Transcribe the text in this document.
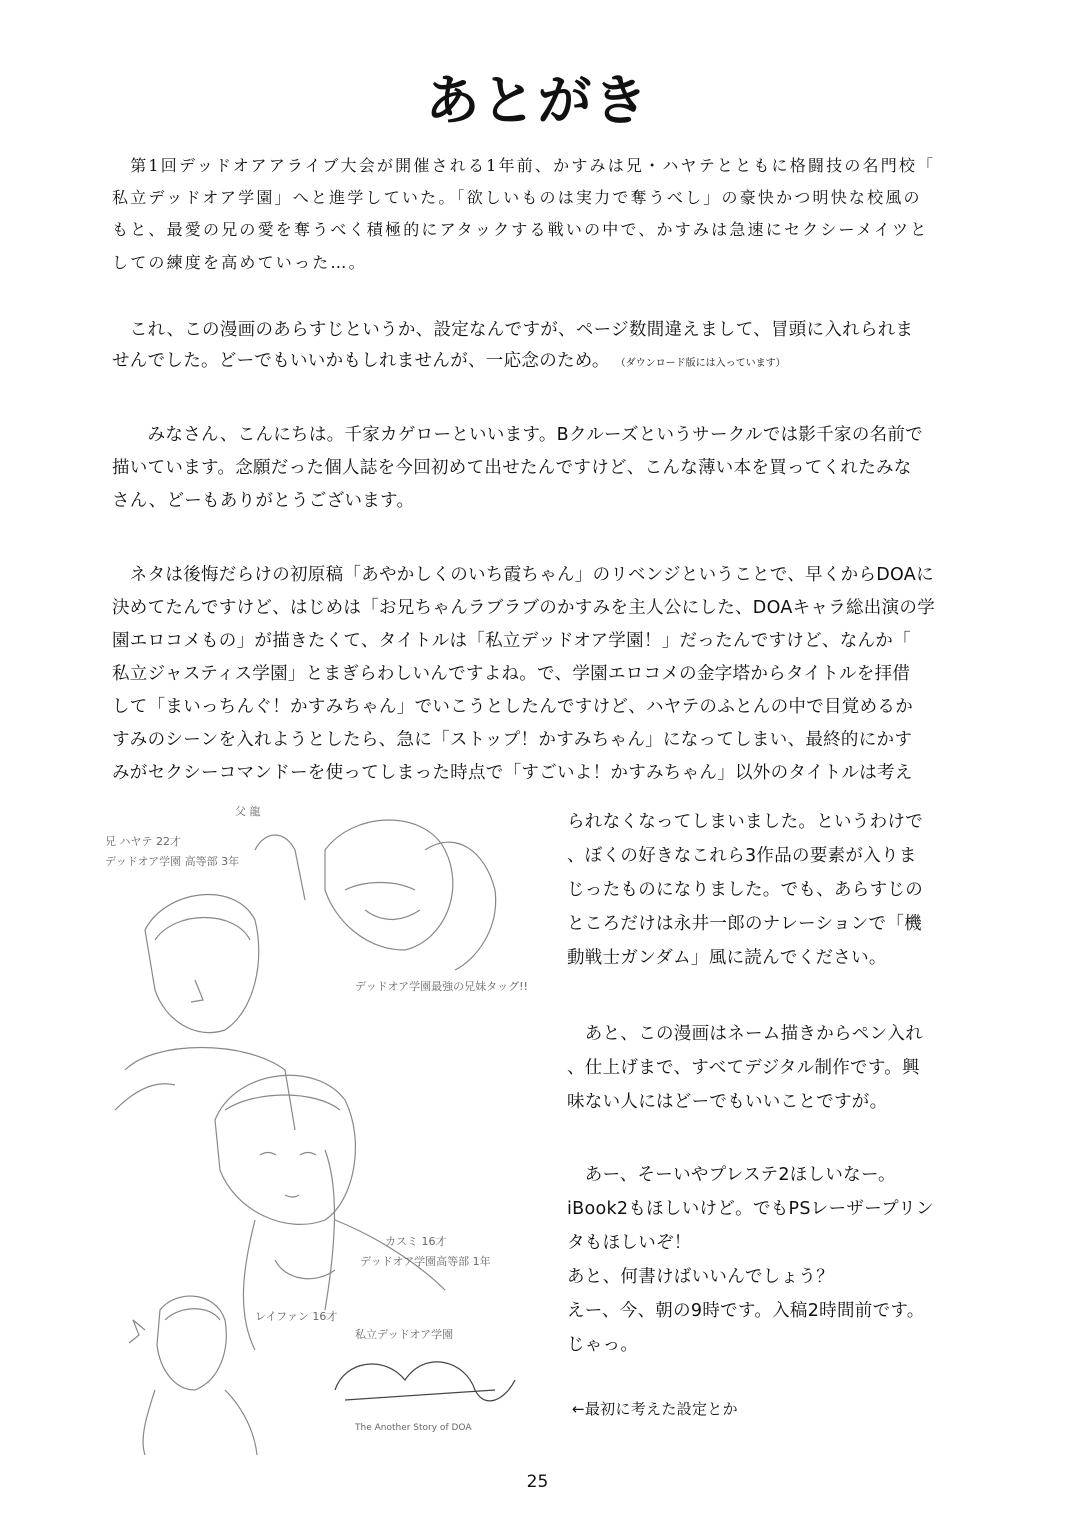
あとがき
　第1回デッドオアアライブ大会が開催される1年前、かすみは兄・ハヤテとともに格闘技の名門校「
私立デッドオア学園」へと進学していた。「欲しいものは実力で奪うべし」の豪快かつ明快な校風の
もと、最愛の兄の愛を奪うべく積極的にアタックする戦いの中で、かすみは急速にセクシーメイツと
しての練度を高めていった…。
　これ、この漫画のあらすじというか、設定なんですが、ページ数間違えまして、冒頭に入れられま
せんでした。どーでもいいかもしれませんが、一応念のため。 （ダウンロード版には入っています）
　　みなさん、こんにちは。千家カゲローといいます。Bクルーズというサークルでは影千家の名前で
描いています。念願だった個人誌を今回初めて出せたんですけど、こんな薄い本を買ってくれたみな
さん、どーもありがとうございます。
　ネタは後悔だらけの初原稿「あやかしくのいち霞ちゃん」のリベンジということで、早くからDOAに
決めてたんですけど、はじめは「お兄ちゃんラブラブのかすみを主人公にした、DOAキャラ総出演の学
園エロコメもの」が描きたくて、タイトルは「私立デッドオア学園！」だったんですけど、なんか「
私立ジャスティス学園」とまぎらわしいんですよね。で、学園エロコメの金字塔からタイトルを拝借
して「まいっちんぐ！かすみちゃん」でいこうとしたんですけど、ハヤテのふとんの中で目覚めるか
すみのシーンを入れようとしたら、急に「ストップ！かすみちゃん」になってしまい、最終的にかす
みがセクシーコマンドーを使ってしまった時点で「すごいよ！かすみちゃん」以外のタイトルは考え
られなくなってしまいました。というわけで
、ぼくの好きなこれら3作品の要素が入りま
じったものになりました。でも、あらすじの
ところだけは永井一郎のナレーションで「機
動戦士ガンダム」風に読んでください。
　あと、この漫画はネーム描きからペン入れ
、仕上げまで、すべてデジタル制作です。興
味ない人にはどーでもいいことですが。
　あー、そーいやプレステ2ほしいなー。
iBook2もほしいけど。でもPSレーザープリン
タもほしいぞ！
あと、何書けばいいんでしょう？
えー、今、朝の9時です。入稿2時間前です。
じゃっ。
←最初に考えた設定とか
兄 ハヤテ 22才
デッドオア学園 高等部 3年
父 龍
デッドオア学園最強の兄妹タッグ!!
カスミ 16才
デッドオア学園高等部 1年
レイファン 16才
私立デッドオア学園
The Another Story of DOA
25
